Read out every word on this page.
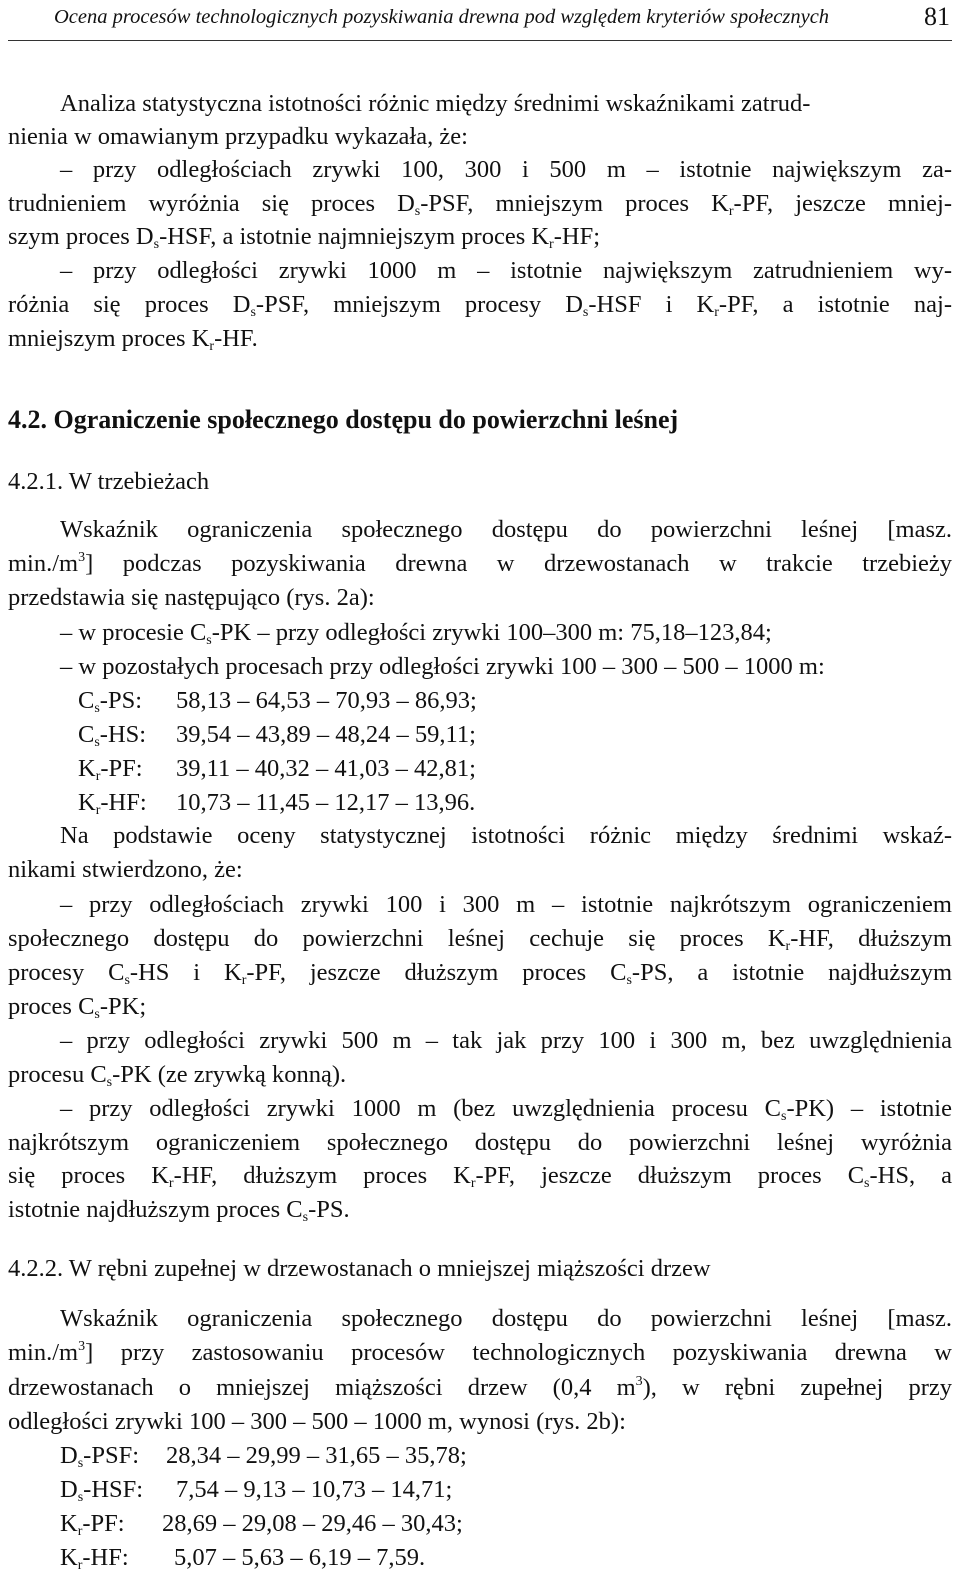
Ocena procesów technologicznych pozyskiwania drewna pod względem kryteriów społecznych	81
Analiza statystyczna istotności różnic między średnimi wskaźnikami zatrud-
nienia w omawianym przypadku wykazała, że:
– przy odległościach zrywki 100, 300 i 500 m – istotnie największym za-
trudnieniem wyróżnia się proces $D_s$-PSF, mniejszym proces $K_r-PF$, jeszcze mniej-
szym proces $D_s$-HSF, a istotnie najmniejszym proces $K_r-HF$;
– przy odległości zrywki 1000 m – istotnie największym zatrudnieniem wy-
różnia się proces $D_s$-PSF, mniejszym procesy $D_s$-HSF i $K_r-PF$, a istotnie naj-
mniejszym proces $K_r-HF$.
4.2. Ograniczenie społecznego dostępu do powierzchni leśnej
4.2.1. W trzebieżach
Wskaźnik ograniczenia społecznego dostępu do powierzchni leśnej [masz.
$\min./m^3$] podczas pozyskiwania drewna w drzewostanach w trakcie trzebieży
przedstawia się następująco (rys. 2a):
– w procesie $C_s-PK$ – przy odległości zrywki 100–300 m: 75,18–123,84;
– w pozostałych procesach przy odległości zrywki 100 – 300 – 500 – 1000 m:
$C_s-PS$: 58,13 – 64,53 – 70,93 – 86,93;
$C_s-HS$: 39,54 – 43,89 – 48,24 – 59,11;
$K_r-PF$: 39,11 – 40,32 – 41,03 – 42,81;
$K_r-HF$: 10,73 – 11,45 – 12,17 – 13,96.
Na podstawie oceny statystycznej istotności różnic między średnimi wskaź-
nikami stwierdzono, że:
– przy odległościach zrywki 100 i 300 m – istotnie najkrótszym ograniczeniem
społecznego dostępu do powierzchni leśnej cechuje się proces $K_r-HF$, dłuższym
procesy $C_s-HS$ i $K_r-PF$, jeszcze dłuższym proces $C_s-PS$, a istotnie najdłuższym
proces $C_s-PK$;
– przy odległości zrywki 500 m – tak jak przy 100 i 300 m, bez uwzględnienia
procesu $C_s-PK$ (ze zrywką konną).
– przy odległości zrywki 1000 m (bez uwzględnienia procesu $C_s-PK$) – istotnie
najkrótszym ograniczeniem społecznego dostępu do powierzchni leśnej wyróżnia
się proces $K_r-HF$, dłuższym proces $K_r-PF$, jeszcze dłuższym proces $C_s-HS$, a
istotnie najdłuższym proces $C_s-PS$.
4.2.2. W rębni zupełnej w drzewostanach o mniejszej miąższości drzew
Wskaźnik ograniczenia społecznego dostępu do powierzchni leśnej [masz.
$\min./m^3$] przy zastosowaniu procesów technologicznych pozyskiwania drewna w
drzewostanach o mniejszej miąższości drzew (0,4 $m^3$), w rębni zupełnej przy
odległości zrywki 100 – 300 – 500 – 1000 m, wynosi (rys. 2b):
$D_s$-PSF: 28,34 – 29,99 – 31,65 – 35,78;
$D_s$-HSF: 7,54 – 9,13 – 10,73 – 14,71;
$K_r-PF$: 28,69 – 29,08 – 29,46 – 30,43;
$K_r-HF$: 5,07 – 5,63 – 6,19 – 7,59.
